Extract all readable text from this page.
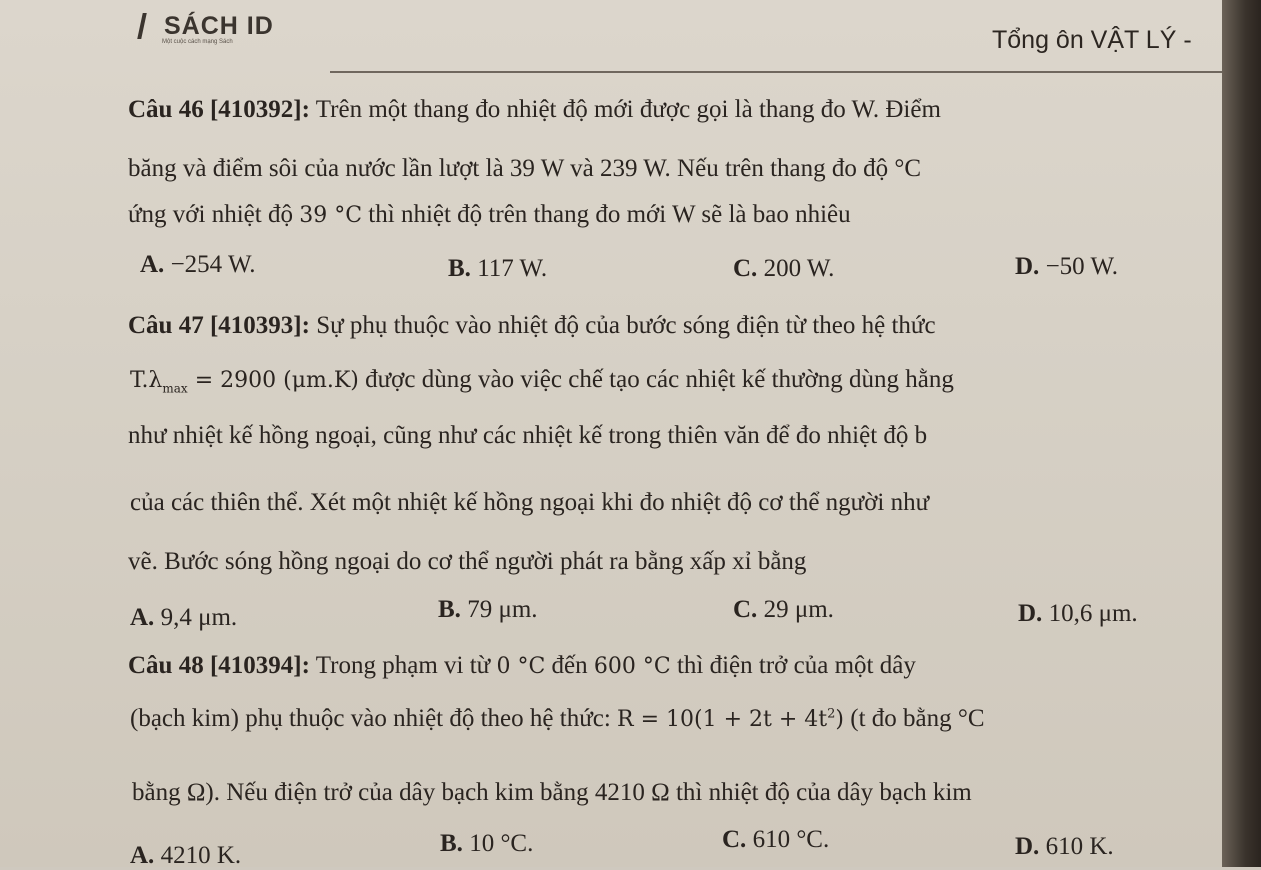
SÁCH ID
Một cuộc cách mạng Sách	Tổng ôn VẬT LÝ -
Câu 46 [410392]: Trên một thang đo nhiệt độ mới được gọi là thang đo W. Điểm
băng và điểm sôi của nước lần lượt là 39 W và 239 W. Nếu trên thang đo độ °C
ứng với nhiệt độ 39 °C thì nhiệt độ trên thang đo mới W sẽ là bao nhiêu
A. −254 W.	B. 117 W.	C. 200 W.	D. −50 W.
Câu 47 [410393]: Sự phụ thuộc vào nhiệt độ của bước sóng điện từ theo hệ thức
$T.\lambda_{max} = 2900$ (μm.K) được dùng vào việc chế tạo các nhiệt kế thường dùng hằng
như nhiệt kế hồng ngoại, cũng như các nhiệt kế trong thiên văn để đo nhiệt độ b
của các thiên thể. Xét một nhiệt kế hồng ngoại khi đo nhiệt độ cơ thể người như
vẽ. Bước sóng hồng ngoại do cơ thể người phát ra bằng xấp xỉ bằng
A. 9,4 μm.	B. 79 μm.	C. 29 μm.	D. 10,6 μm.
Câu 48 [410394]: Trong phạm vi từ 0 °C đến 600 °C thì điện trở của một dây
(bạch kim) phụ thuộc vào nhiệt độ theo hệ thức: $R = 10(1 + 2t + 4t^2)$ (t đo bằng °C
bằng Ω). Nếu điện trở của dây bạch kim bằng 4210 Ω thì nhiệt độ của dây bạch kim
A. 4210 K.	B. 10 °C.	C. 610 °C.	D. 610 K.
